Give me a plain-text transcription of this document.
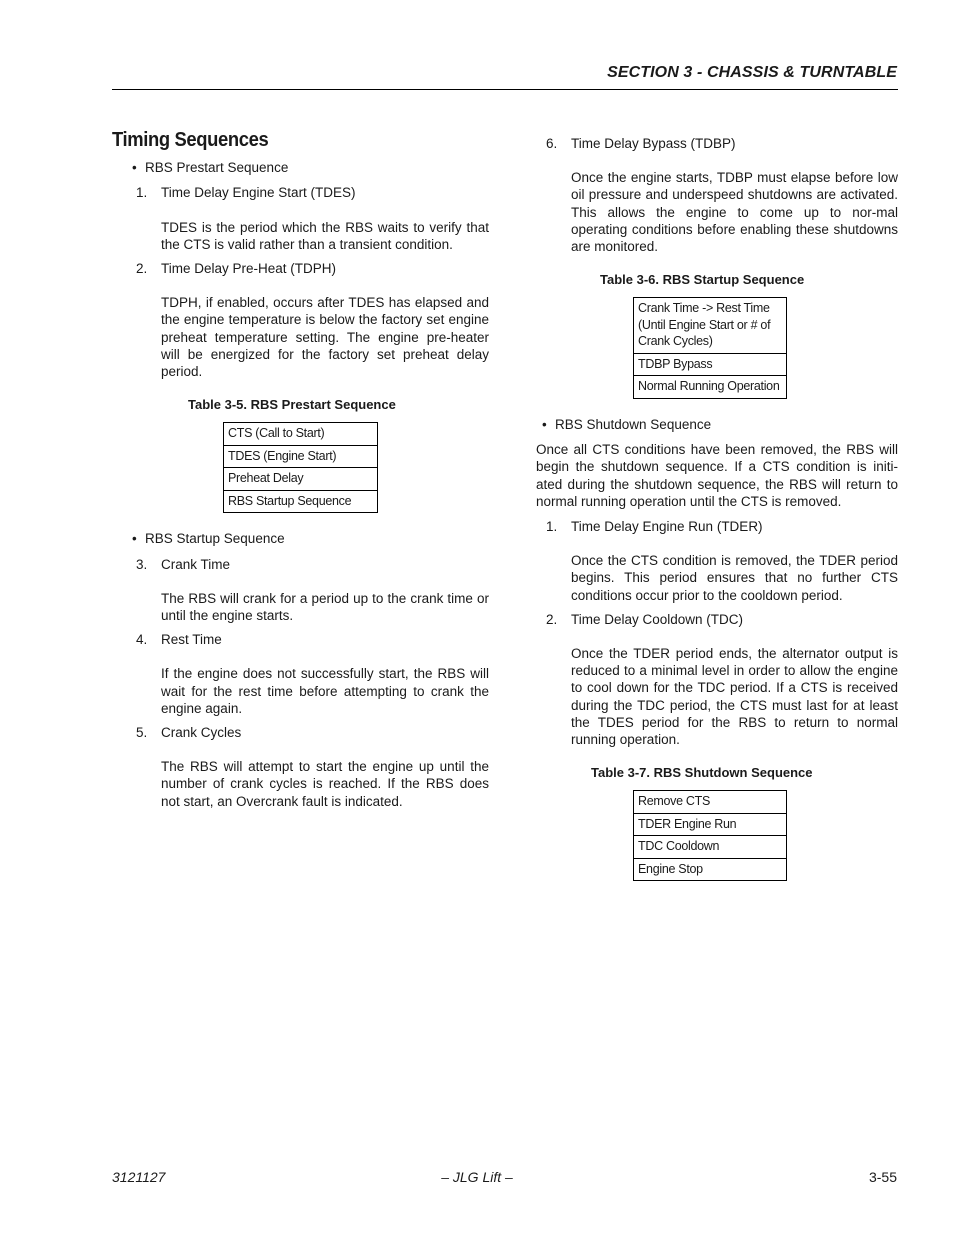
SECTION 3 - CHASSIS & TURNTABLE
Timing Sequences
• RBS Prestart Sequence
1. Time Delay Engine Start (TDES)
TDES is the period which the RBS waits to verify that the CTS is valid rather than a transient condition.
2. Time Delay Pre-Heat (TDPH)
TDPH, if enabled, occurs after TDES has elapsed and the engine temperature is below the factory set engine preheat temperature setting. The engine pre-heater will be energized for the factory set preheat delay period.
Table 3-5. RBS Prestart Sequence
CTS (Call to Start)
TDES (Engine Start)
Preheat Delay
RBS Startup Sequence
• RBS Startup Sequence
3. Crank Time
The RBS will crank for a period up to the crank time or until the engine starts.
4. Rest Time
If the engine does not successfully start, the RBS will wait for the rest time before attempting to crank the engine again.
5. Crank Cycles
The RBS will attempt to start the engine up until the number of crank cycles is reached. If the RBS does not start, an Overcrank fault is indicated.
6. Time Delay Bypass (TDBP)
Once the engine starts, TDBP must elapse before low oil pressure and underspeed shutdowns are activated. This allows the engine to come up to nor-mal operating conditions before enabling these shutdowns are monitored.
Table 3-6. RBS Startup Sequence
Crank Time -> Rest Time (Until Engine Start or # of Crank Cycles)
TDBP Bypass
Normal Running Operation
• RBS Shutdown Sequence
Once all CTS conditions have been removed, the RBS will begin the shutdown sequence. If a CTS condition is initi-ated during the shutdown sequence, the RBS will return to normal running operation until the CTS is removed.
1. Time Delay Engine Run (TDER)
Once the CTS condition is removed, the TDER period begins. This period ensures that no further CTS conditions occur prior to the cooldown period.
2. Time Delay Cooldown (TDC)
Once the TDER period ends, the alternator output is reduced to a minimal level in order to allow the engine to cool down for the TDC period. If a CTS is received during the TDC period, the CTS must last for at least the TDES period for the RBS to return to normal running operation.
Table 3-7. RBS Shutdown Sequence
Remove CTS
TDER Engine Run
TDC Cooldown
Engine Stop
3121127	– JLG Lift –	3-55
